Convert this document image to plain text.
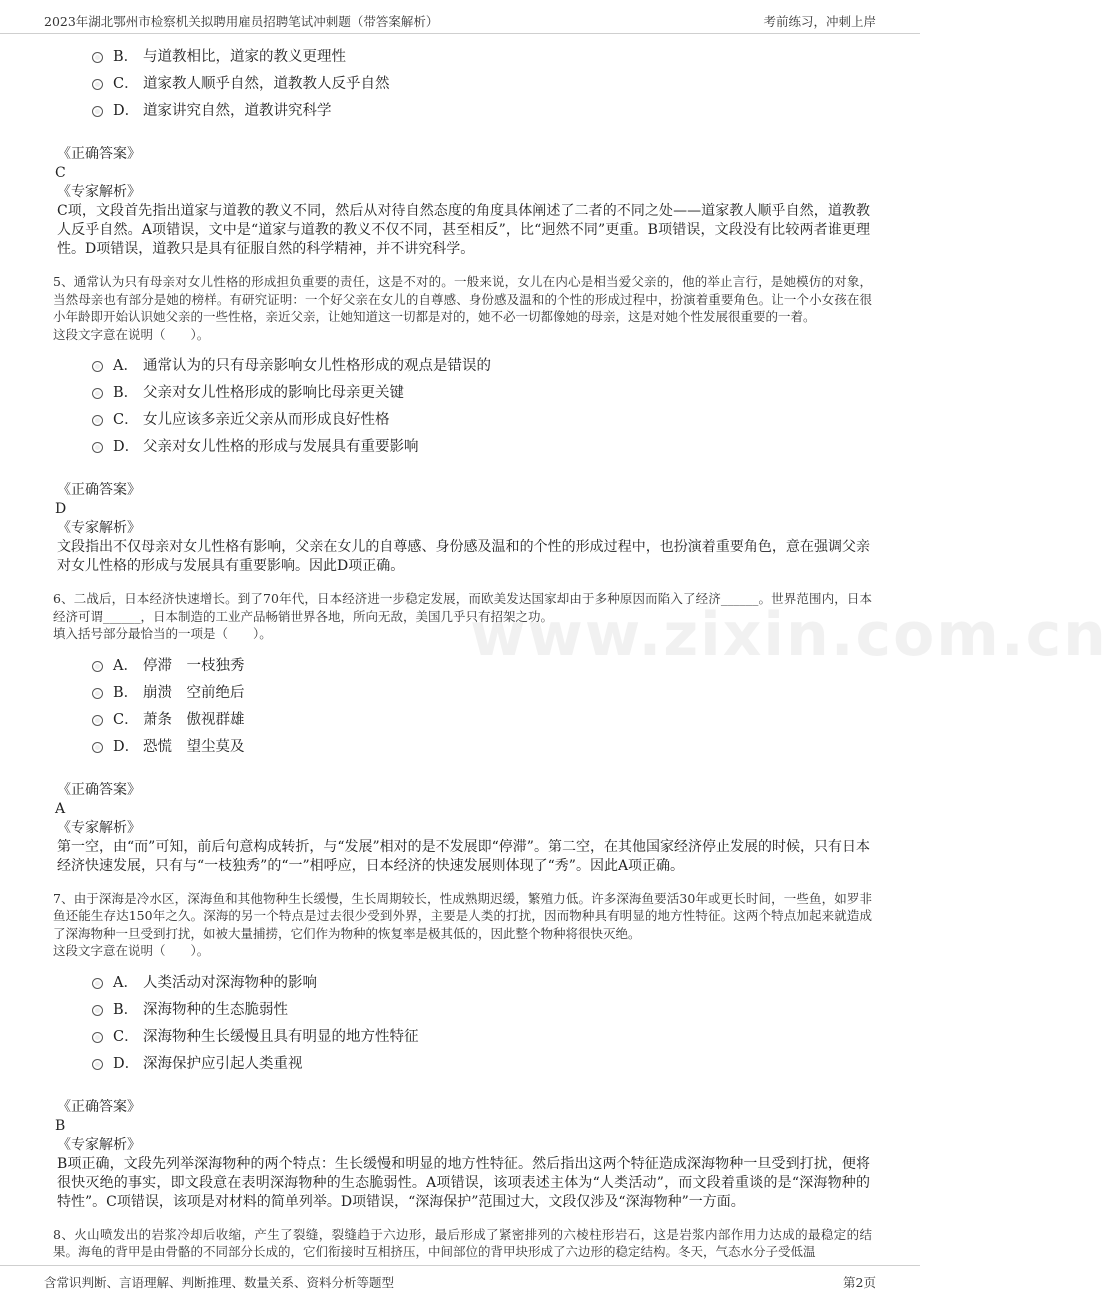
2023年湖北鄂州市检察机关拟聘用雇员招聘笔试冲刺题（带答案解析）	考前练习，冲刺上岸
www.zixin.com.cn
B． 与道教相比，道家的教义更理性
C． 道家教人顺乎自然，道教教人反乎自然
D． 道家讲究自然，道教讲究科学
《正确答案》
C
《专家解析》
C项，文段首先指出道家与道教的教义不同，然后从对待自然态度的角度具体阐述了二者的不同之处——道家教人顺乎自然，道教教人反乎自然。A项错误，文中是“道家与道教的教义不仅不同，甚至相反”，比“迥然不同”更重。B项错误，文段没有比较两者谁更理性。D项错误，道教只是具有征服自然的科学精神，并不讲究科学。
5、通常认为只有母亲对女儿性格的形成担负重要的责任，这是不对的。一般来说，女儿在内心是相当爱父亲的，他的举止言行，是她模仿的对象，当然母亲也有部分是她的榜样。有研究证明：一个好父亲在女儿的自尊感、身份感及温和的个性的形成过程中，扮演着重要角色。让一个小女孩在很小年龄即开始认识她父亲的一些性格，亲近父亲，让她知道这一切都是对的，她不必一切都像她的母亲，这是对她个性发展很重要的一着。
这段文字意在说明（　　）。
A． 通常认为的只有母亲影响女儿性格形成的观点是错误的
B． 父亲对女儿性格形成的影响比母亲更关键
C． 女儿应该多亲近父亲从而形成良好性格
D． 父亲对女儿性格的形成与发展具有重要影响
《正确答案》
D
《专家解析》
文段指出不仅母亲对女儿性格有影响，父亲在女儿的自尊感、身份感及温和的个性的形成过程中，也扮演着重要角色，意在强调父亲对女儿性格的形成与发展具有重要影响。因此D项正确。
6、二战后，日本经济快速增长。到了70年代，日本经济进一步稳定发展，而欧美发达国家却由于多种原因而陷入了经济______。世界范围内，日本经济可谓______，日本制造的工业产品畅销世界各地，所向无敌，美国几乎只有招架之功。
填入括号部分最恰当的一项是（　　）。
A． 停滞　一枝独秀
B． 崩溃　空前绝后
C． 萧条　傲视群雄
D． 恐慌　望尘莫及
《正确答案》
A
《专家解析》
第一空，由“而”可知，前后句意构成转折，与“发展”相对的是不发展即“停滞”。第二空，在其他国家经济停止发展的时候，只有日本经济快速发展，只有与“一枝独秀”的“一”相呼应，日本经济的快速发展则体现了“秀”。因此A项正确。
7、由于深海是冷水区，深海鱼和其他物种生长缓慢，生长周期较长，性成熟期迟缓，繁殖力低。许多深海鱼要活30年或更长时间，一些鱼，如罗非鱼还能生存达150年之久。深海的另一个特点是过去很少受到外界，主要是人类的打扰，因而物种具有明显的地方性特征。这两个特点加起来就造成了深海物种一旦受到打扰，如被大量捕捞，它们作为物种的恢复率是极其低的，因此整个物种将很快灭绝。
这段文字意在说明（　　）。
A． 人类活动对深海物种的影响
B． 深海物种的生态脆弱性
C． 深海物种生长缓慢且具有明显的地方性特征
D． 深海保护应引起人类重视
《正确答案》
B
《专家解析》
B项正确，文段先列举深海物种的两个特点：生长缓慢和明显的地方性特征。然后指出这两个特征造成深海物种一旦受到打扰，便将很快灭绝的事实，即文段意在表明深海物种的生态脆弱性。A项错误，该项表述主体为“人类活动”，而文段着重谈的是“深海物种的特性”。C项错误，该项是对材料的简单列举。D项错误，“深海保护”范围过大，文段仅涉及“深海物种”一方面。
8、火山喷发出的岩浆冷却后收缩，产生了裂缝，裂缝趋于六边形，最后形成了紧密排列的六棱柱形岩石，这是岩浆内部作用力达成的最稳定的结果。海龟的背甲是由骨骼的不同部分长成的，它们衔接时互相挤压，中间部位的背甲块形成了六边形的稳定结构。冬天，气态水分子受低温
含常识判断、言语理解、判断推理、数量关系、资料分析等题型	第2页
